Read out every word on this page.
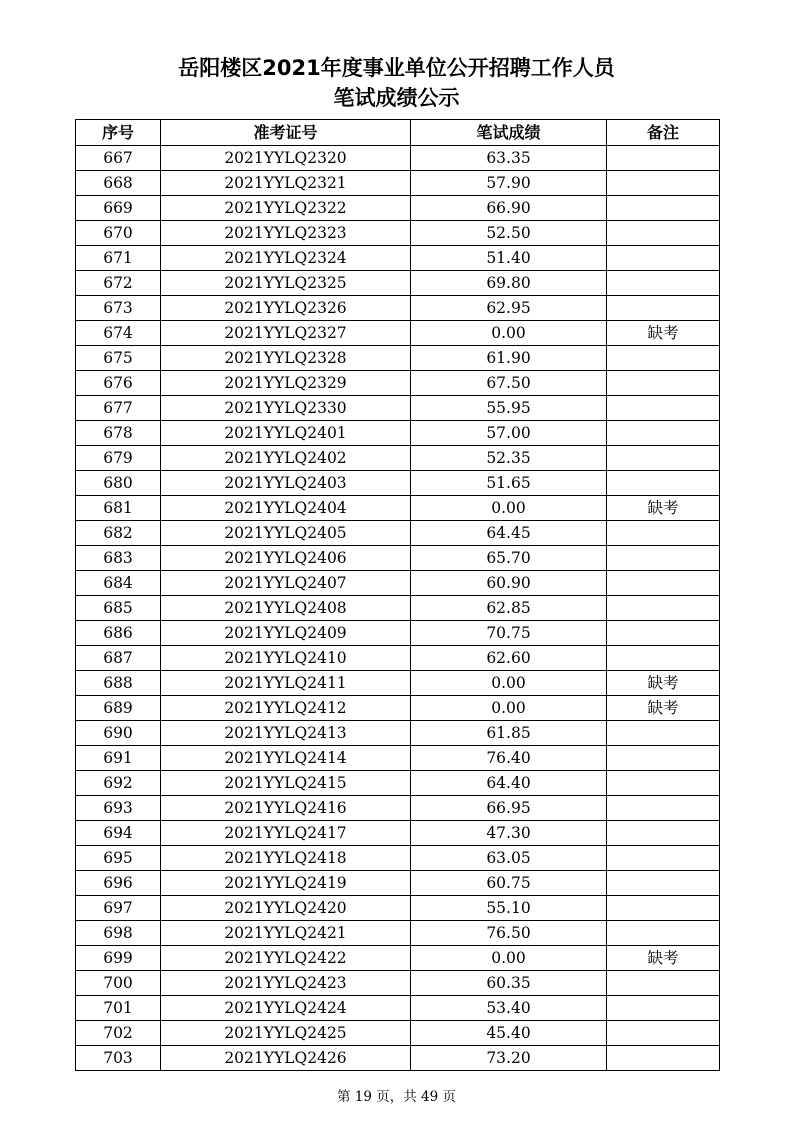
岳阳楼区2021年度事业单位公开招聘工作人员
笔试成绩公示
序号	准考证号	笔试成绩	备注
667	2021YYLQ2320	63.35	
668	2021YYLQ2321	57.90	
669	2021YYLQ2322	66.90	
670	2021YYLQ2323	52.50	
671	2021YYLQ2324	51.40	
672	2021YYLQ2325	69.80	
673	2021YYLQ2326	62.95	
674	2021YYLQ2327	0.00	缺考
675	2021YYLQ2328	61.90	
676	2021YYLQ2329	67.50	
677	2021YYLQ2330	55.95	
678	2021YYLQ2401	57.00	
679	2021YYLQ2402	52.35	
680	2021YYLQ2403	51.65	
681	2021YYLQ2404	0.00	缺考
682	2021YYLQ2405	64.45	
683	2021YYLQ2406	65.70	
684	2021YYLQ2407	60.90	
685	2021YYLQ2408	62.85	
686	2021YYLQ2409	70.75	
687	2021YYLQ2410	62.60	
688	2021YYLQ2411	0.00	缺考
689	2021YYLQ2412	0.00	缺考
690	2021YYLQ2413	61.85	
691	2021YYLQ2414	76.40	
692	2021YYLQ2415	64.40	
693	2021YYLQ2416	66.95	
694	2021YYLQ2417	47.30	
695	2021YYLQ2418	63.05	
696	2021YYLQ2419	60.75	
697	2021YYLQ2420	55.10	
698	2021YYLQ2421	76.50	
699	2021YYLQ2422	0.00	缺考
700	2021YYLQ2423	60.35	
701	2021YYLQ2424	53.40	
702	2021YYLQ2425	45.40	
703	2021YYLQ2426	73.20	
第 19 页，共 49 页
